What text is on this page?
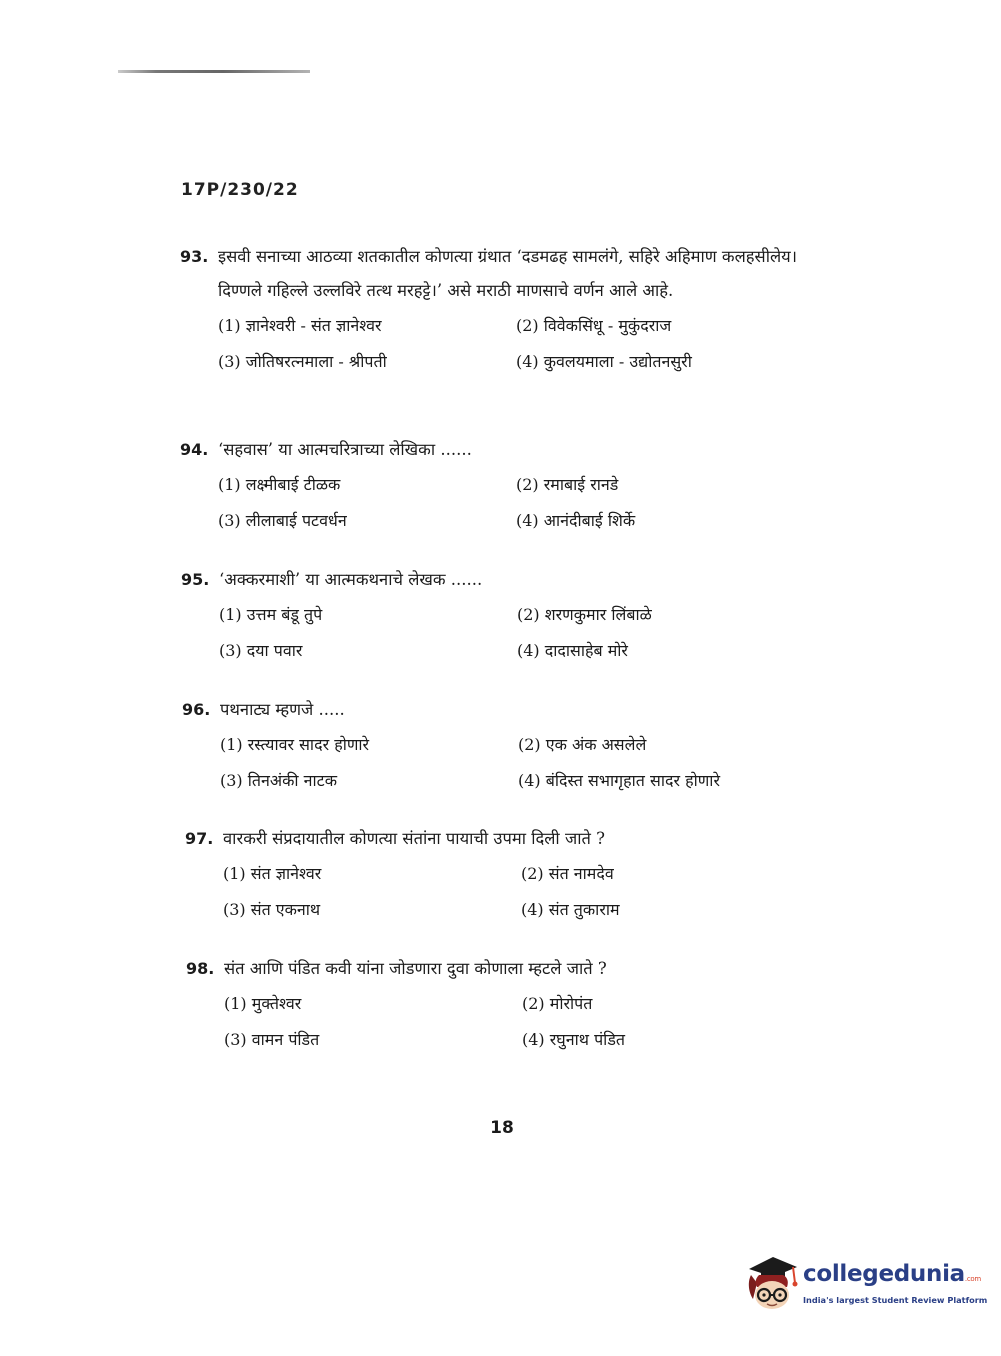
17P/230/22
93. इसवी सनाच्या आठव्या शतकातील कोणत्या ग्रंथात ‘दडमढह सामलंगे, सहिरे अहिमाण कलहसीलेय। दिण्णले गहिल्ले उल्लविरे तत्थ मरहट्टे।’ असे मराठी माणसाचे वर्णन आले आहे.
(1) ज्ञानेश्वरी - संत ज्ञानेश्वर	(2) विवेकसिंधू - मुकुंदराज
(3) जोतिषरत्नमाला - श्रीपती	(4) कुवलयमाला - उद्योतनसुरी
94. ‘सहवास’ या आत्मचरित्राच्या लेखिका ......
(1) लक्ष्मीबाई टीळक	(2) रमाबाई रानडे
(3) लीलाबाई पटवर्धन	(4) आनंदीबाई शिर्के
95. ‘अक्करमाशी’ या आत्मकथनाचे लेखक ......
(1) उत्तम बंडू तुपे	(2) शरणकुमार लिंबाळे
(3) दया पवार	(4) दादासाहेब मोरे
96. पथनाट्य म्हणजे .....
(1) रस्त्यावर सादर होणारे	(2) एक अंक असलेले
(3) तिनअंकी नाटक	(4) बंदिस्त सभागृहात सादर होणारे
97. वारकरी संप्रदायातील कोणत्या संतांना पायाची उपमा दिली जाते ?
(1) संत ज्ञानेश्वर	(2) संत नामदेव
(3) संत एकनाथ	(4) संत तुकाराम
98. संत आणि पंडित कवी यांना जोडणारा दुवा कोणाला म्हटले जाते ?
(1) मुक्तेश्वर	(2) मोरोपंत
(3) वामन पंडित	(4) रघुनाथ पंडित
18
collegedunia.com
India's largest Student Review Platform
